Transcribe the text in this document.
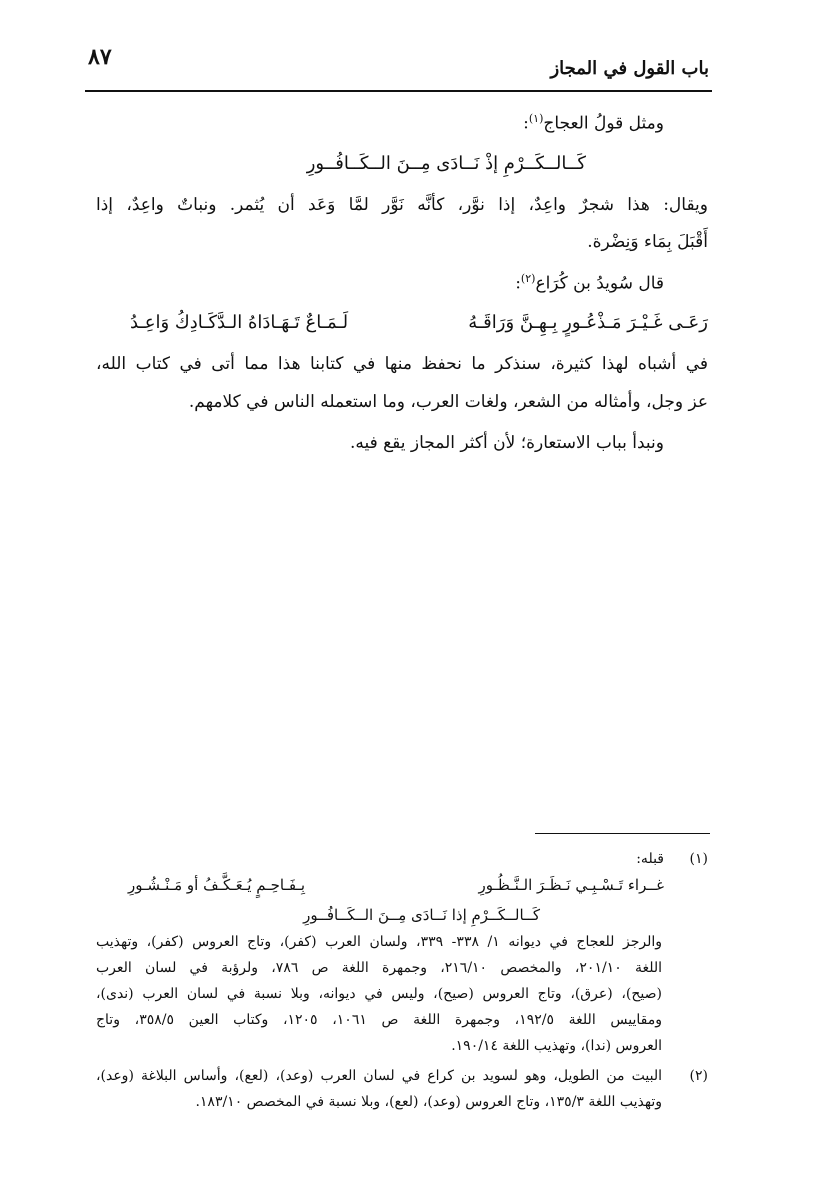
٨٧	باب القول في المجاز
ومثل قولُ العجاج$^{(١)}$:
كَــالــكَــرْمِ إذْ نَــادَى مِــنَ الــكَــافُــورِ
ويقال: هذا شجرٌ واعِدٌ، إذا نوَّر، كأنَّه نَوَّر لمَّا وَعَد أن يُثمر. ونباتٌ واعِدٌ، إذا
أَقْبَلَ بِمَاء وَنِضْرة.
قال سُويدُ بن كُرَاع$^{(٢)}$:
رَعَـى غَـيْـرَ مَـذْعُـورٍ بِـهِـنَّ وَرَاقَـهُ
لَـمَـاعٌ تَـهَـادَاهُ الـدَّكَـادِكُ وَاعِـدُ
في أشباه لهذا كثيرة، سنذكر ما نحفظ منها في كتابنا هذا مما أتى في كتاب الله،
عز وجل، وأمثاله من الشعر، ولغات العرب، وما استعمله الناس في كلامهم.
ونبدأ بباب الاستعارة؛ لأن أكثر المجاز يقع فيه.
(١)
قبله:
غــراء تَـسْـبِـي نَـظَـرَ الـنَّـظُـورِ
بِـفَـاحِـمٍ يُـعَـكَّـفُ أو مَـنْـشُـورِ
كَــالــكَــرْمِ إذا نَــادَى مِــنَ الــكَــافُــورِ
والرجز للعجاج في ديوانه ١/ ٣٣٨- ٣٣٩، ولسان العرب (كفر)، وتاج العروس (كفر)، وتهذيب
اللغة ٢٠١/١٠، والمخصص ٢١٦/١٠، وجمهرة اللغة ص ٧٨٦، ولرؤبة في لسان العرب
(صيح)، (عرق)، وتاج العروس (صيح)، وليس في ديوانه، وبلا نسبة في لسان العرب (ندى)،
ومقاييس اللغة ١٩٢/٥، وجمهرة اللغة ص ١٠٦١، ١٢٠٥، وكتاب العين ٣٥٨/٥، وتاج
العروس (ندا)، وتهذيب اللغة ١٩٠/١٤.
(٢)
البيت من الطويل، وهو لسويد بن كراع في لسان العرب (وعد)، (لعع)، وأساس البلاغة (وعد)،
وتهذيب اللغة ١٣٥/٣، وتاج العروس (وعد)، (لعع)، وبلا نسبة في المخصص ١٨٣/١٠.
